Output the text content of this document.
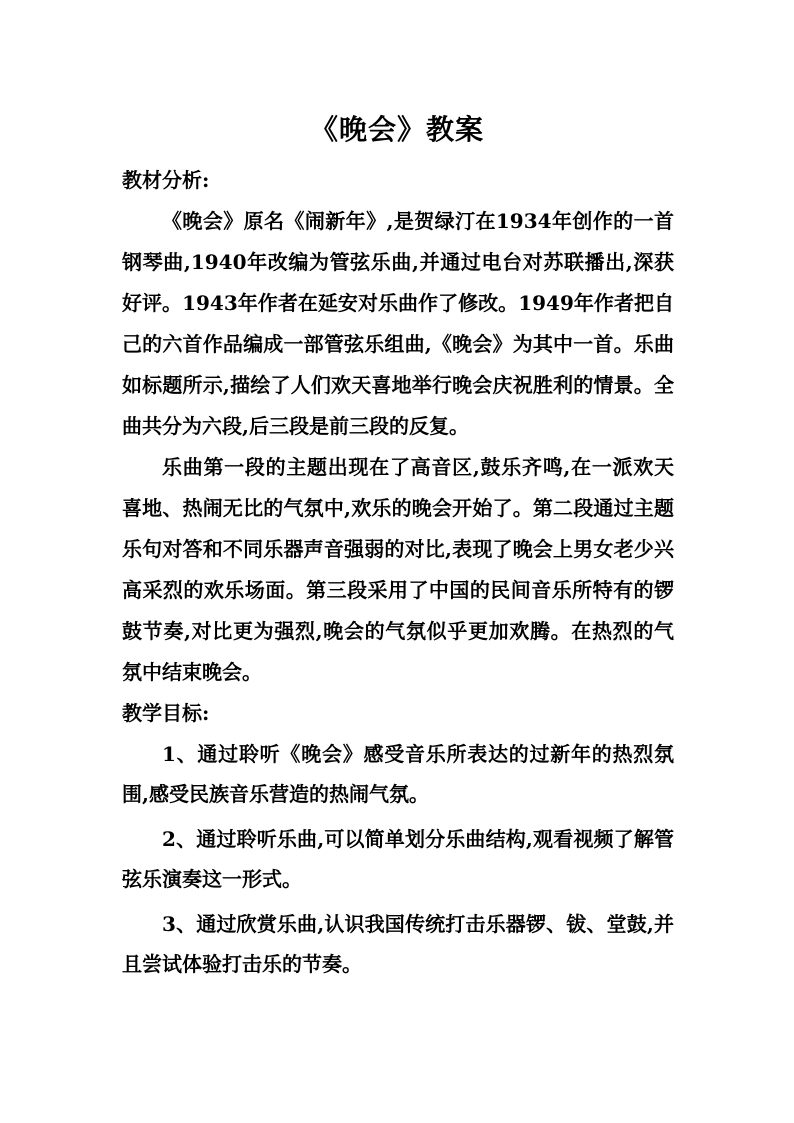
《晚会》教案

教材分析:

《晚会》原名《闹新年》,是贺绿汀在1934年创作的一首钢琴曲,1940年改编为管弦乐曲,并通过电台对苏联播出,深获好评。1943年作者在延安对乐曲作了修改。1949年作者把自己的六首作品编成一部管弦乐组曲,《晚会》为其中一首。乐曲如标题所示,描绘了人们欢天喜地举行晚会庆祝胜利的情景。全曲共分为六段,后三段是前三段的反复。

乐曲第一段的主题出现在了高音区,鼓乐齐鸣,在一派欢天喜地、热闹无比的气氛中,欢乐的晚会开始了。第二段通过主题乐句对答和不同乐器声音强弱的对比,表现了晚会上男女老少兴高采烈的欢乐场面。第三段采用了中国的民间音乐所特有的锣鼓节奏,对比更为强烈,晚会的气氛似乎更加欢腾。在热烈的气氛中结束晚会。

教学目标:

1、通过聆听《晚会》感受音乐所表达的过新年的热烈氛围,感受民族音乐营造的热闹气氛。

2、通过聆听乐曲,可以简单划分乐曲结构,观看视频了解管弦乐演奏这一形式。

3、通过欣赏乐曲,认识我国传统打击乐器锣、钹、堂鼓,并且尝试体验打击乐的节奏。
